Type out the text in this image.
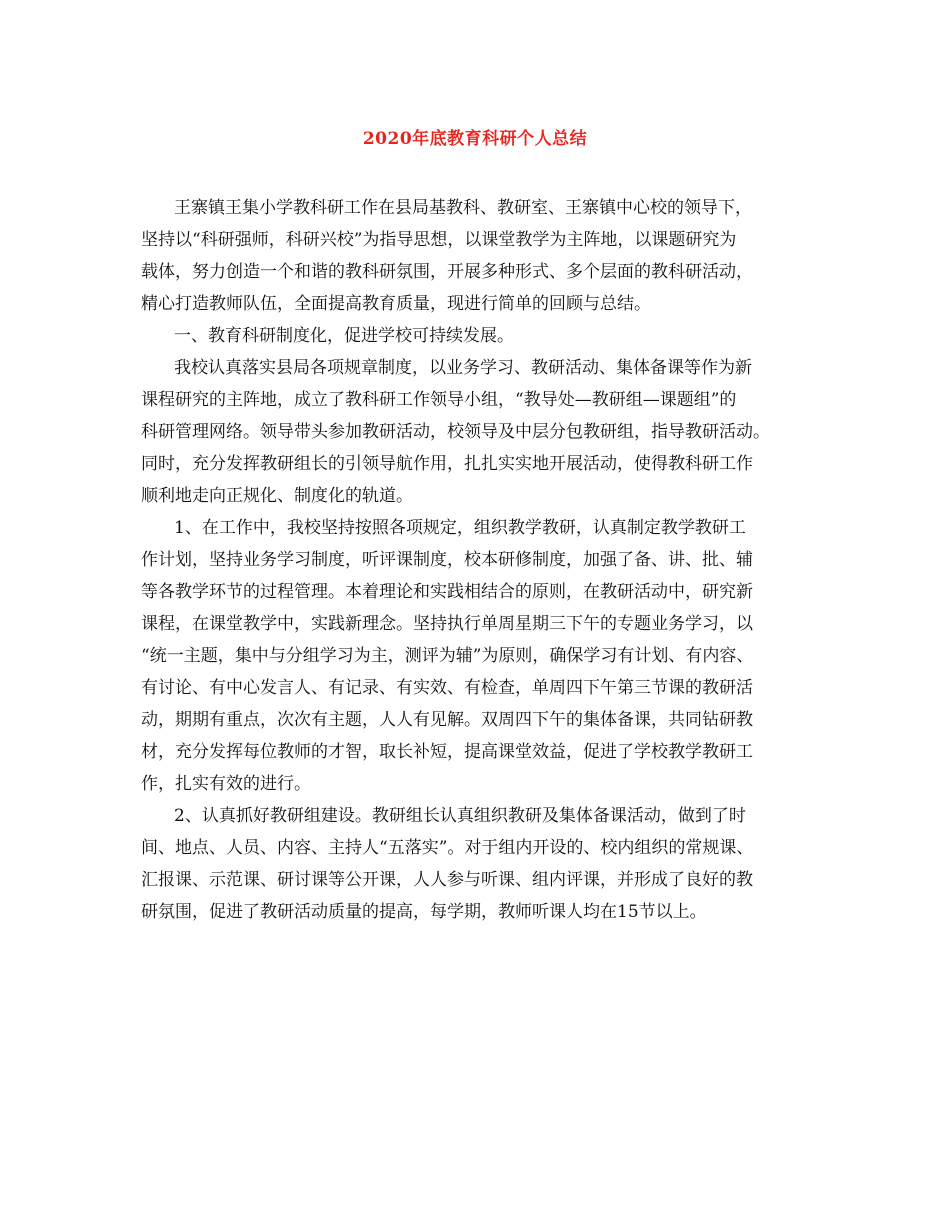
2020年底教育科研个人总结
王寨镇王集小学教科研工作在县局基教科、教研室、王寨镇中心校的领导下，
坚持以“科研强师，科研兴校”为指导思想，以课堂教学为主阵地，以课题研究为
载体，努力创造一个和谐的教科研氛围，开展多种形式、多个层面的教科研活动，
精心打造教师队伍，全面提高教育质量，现进行简单的回顾与总结。
一、教育科研制度化，促进学校可持续发展。
我校认真落实县局各项规章制度，以业务学习、教研活动、集体备课等作为新
课程研究的主阵地，成立了教科研工作领导小组，“教导处—教研组—课题组”的
科研管理网络。领导带头参加教研活动，校领导及中层分包教研组，指导教研活动。
同时，充分发挥教研组长的引领导航作用，扎扎实实地开展活动，使得教科研工作
顺利地走向正规化、制度化的轨道。
1、在工作中，我校坚持按照各项规定，组织教学教研，认真制定教学教研工
作计划，坚持业务学习制度，听评课制度，校本研修制度，加强了备、讲、批、辅
等各教学环节的过程管理。本着理论和实践相结合的原则，在教研活动中，研究新
课程，在课堂教学中，实践新理念。坚持执行单周星期三下午的专题业务学习，以
“统一主题，集中与分组学习为主，测评为辅”为原则，确保学习有计划、有内容、
有讨论、有中心发言人、有记录、有实效、有检查，单周四下午第三节课的教研活
动，期期有重点，次次有主题，人人有见解。双周四下午的集体备课，共同钻研教
材，充分发挥每位教师的才智，取长补短，提高课堂效益，促进了学校教学教研工
作，扎实有效的进行。
2、认真抓好教研组建设。教研组长认真组织教研及集体备课活动，做到了时
间、地点、人员、内容、主持人“五落实”。对于组内开设的、校内组织的常规课、
汇报课、示范课、研讨课等公开课，人人参与听课、组内评课，并形成了良好的教
研氛围，促进了教研活动质量的提高，每学期，教师听课人均在15节以上。
